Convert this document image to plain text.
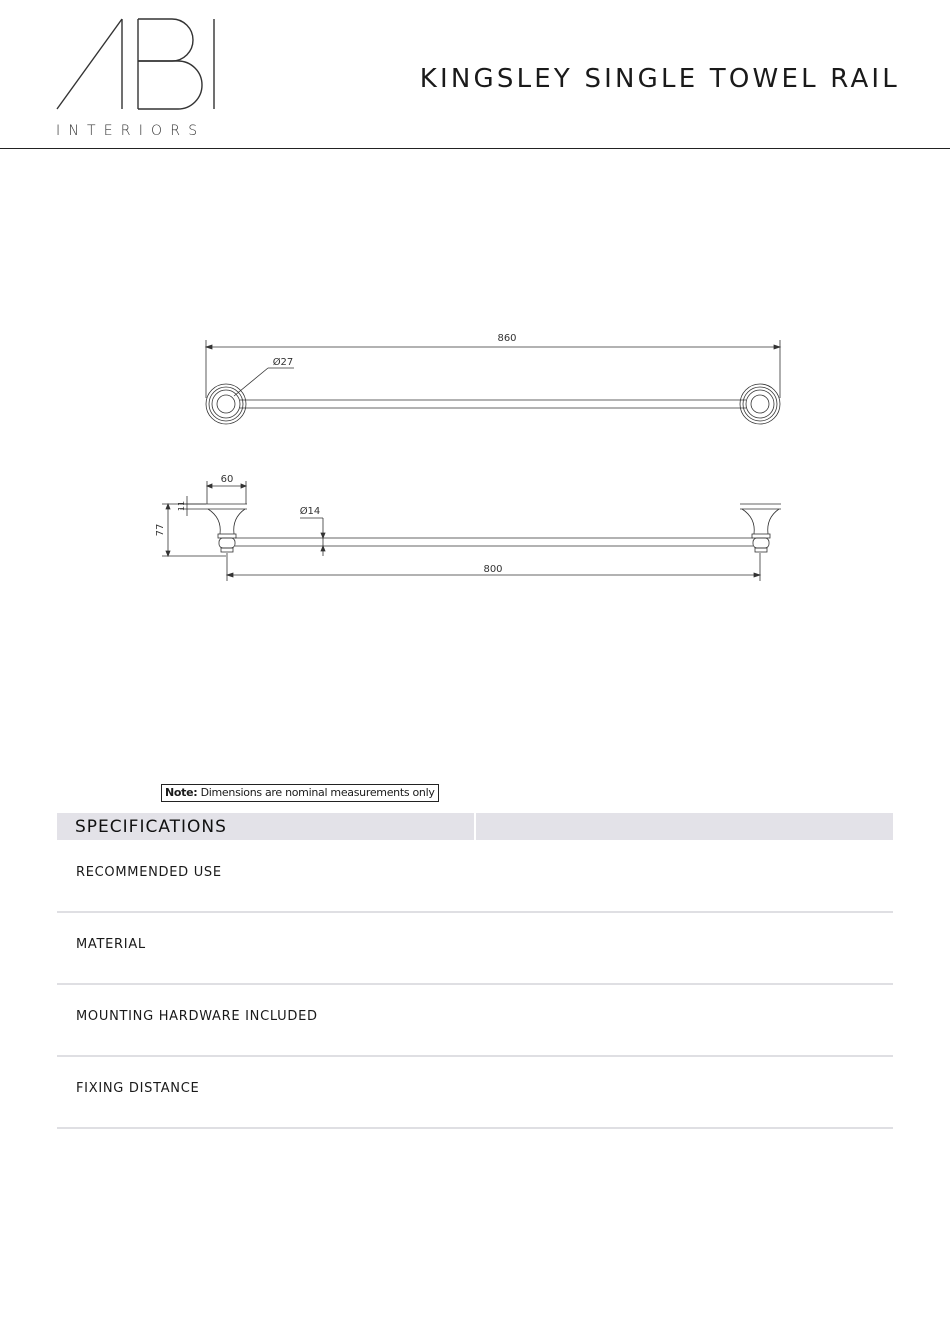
INTERIORS
KINGSLEY SINGLE TOWEL RAIL
860
Ø27
60
11
77
Ø14
800
Note: Dimensions are nominal measurements only
SPECIFICATIONS
RECOMMENDED USE
MATERIAL
MOUNTING HARDWARE INCLUDED
FIXING DISTANCE
